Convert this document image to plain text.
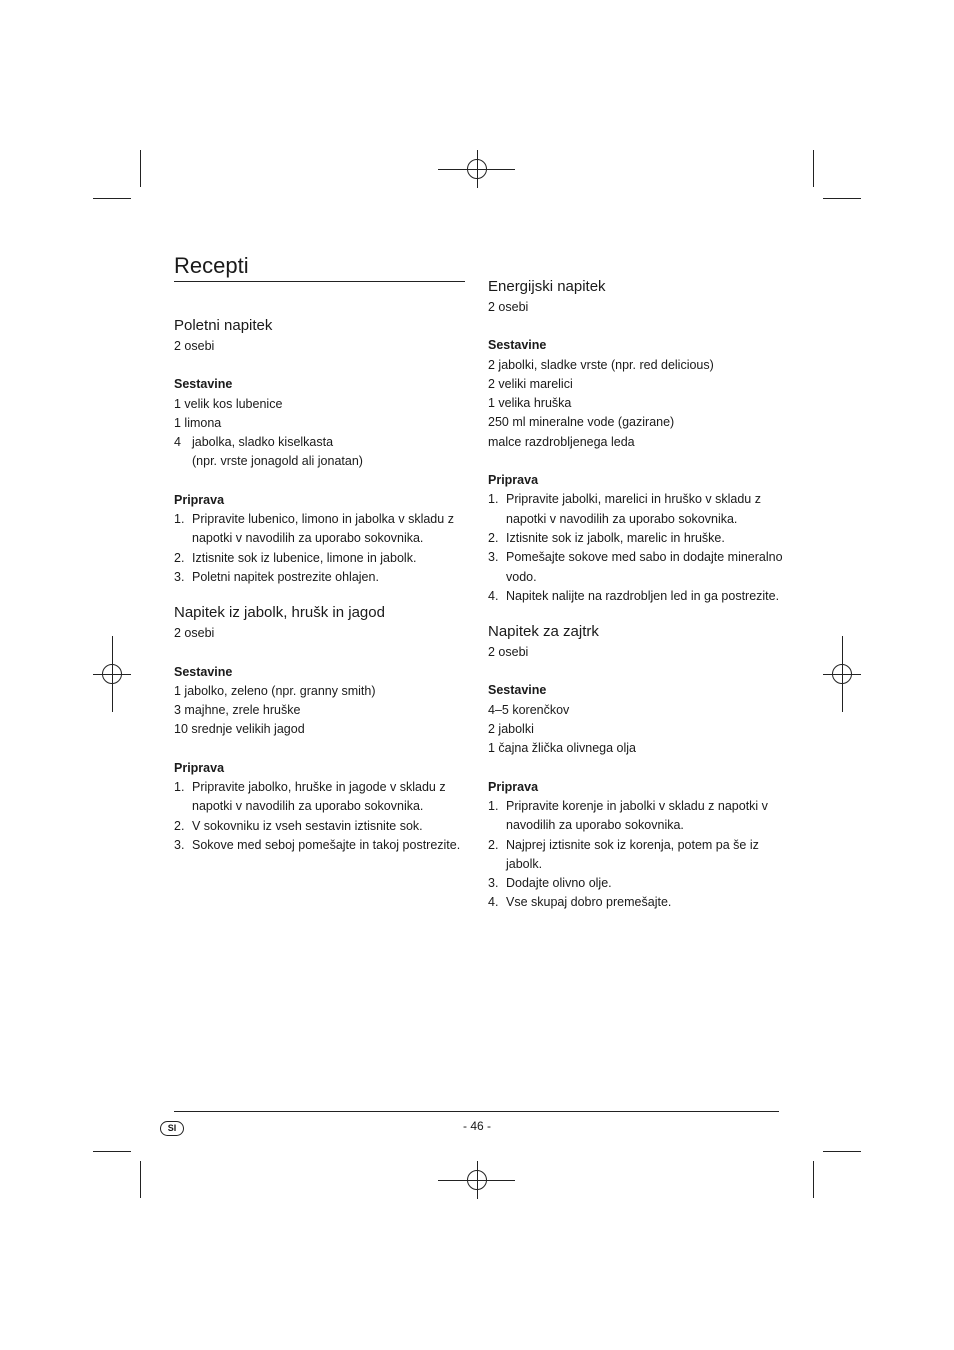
Recepti
Poletni napitek

2 osebi

Sestavine

1 velik kos lubenice
1 limona
4 jabolka, sladko kiselkasta
(npr. vrste jonagold ali jonatan)

Priprava

1. Pripravite lubenico, limono in jabolka v skladu z napotki v navodilih za uporabo sokovnika.
2. Iztisnite sok iz lubenice, limone in jabolk.
3. Poletni napitek postrezite ohlajen.
Napitek iz jabolk, hrušk in jagod

2 osebi

Sestavine

1 jabolko, zeleno (npr. granny smith)
3 majhne, zrele hruške
10 srednje velikih jagod

Priprava

1. Pripravite jabolko, hruške in jagode v skladu z napotki v navodilih za uporabo sokovnika.
2. V sokovniku iz vseh sestavin iztisnite sok.
3. Sokove med seboj pomešajte in takoj postrezite.
Energijski napitek

2 osebi

Sestavine

2 jabolki, sladke vrste (npr. red delicious)
2 veliki marelici
1 velika hruška
250 ml mineralne vode (gazirane)
malce razdrobljenega leda

Priprava

1. Pripravite jabolki, marelici in hruško v skladu z napotki v navodilih za uporabo sokovnika.
2. Iztisnite sok iz jabolk, marelic in hruške.
3. Pomešajte sokove med sabo in dodajte mineralno vodo.
4. Napitek nalijte na razdrobljen led in ga postrezite.
Napitek za zajtrk

2 osebi

Sestavine

4–5 korenčkov
2 jabolki
1 čajna žlička olivnega olja

Priprava

1. Pripravite korenje in jabolki v skladu z napotki v navodilih za uporabo sokovnika.
2. Najprej iztisnite sok iz korenja, potem pa še iz jabolk.
3. Dodajte olivno olje.
4. Vse skupaj dobro premešajte.
SI	- 46 -
